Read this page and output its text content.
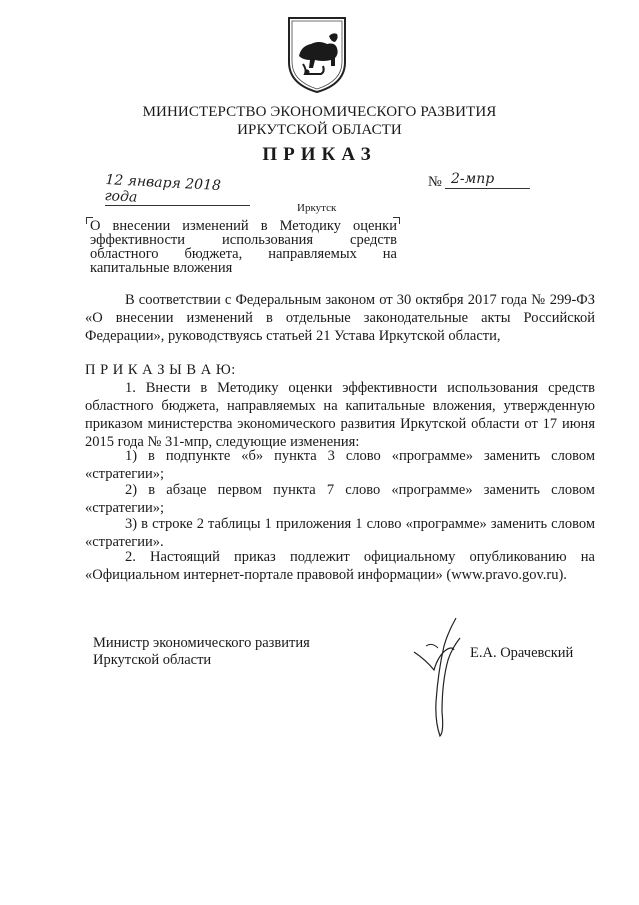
МИНИСТЕРСТВО ЭКОНОМИЧЕСКОГО РАЗВИТИЯ
ИРКУТСКОЙ ОБЛАСТИ
ПРИКАЗ
12 января 2018 года
№ 2-мпр
Иркутск
О внесении изменений в Методику оценки эффективности использования средств областного бюджета, направляемых на капитальные вложения
В соответствии с Федеральным законом от 30 октября 2017 года № 299-ФЗ «О внесении изменений в отдельные законодательные акты Российской Федерации», руководствуясь статьей 21 Устава Иркутской области,
П Р И К А З Ы В А Ю:
1. Внести в Методику оценки эффективности использования средств областного бюджета, направляемых на капитальные вложения, утвержденную приказом министерства экономического развития Иркутской области от 17 июня 2015 года № 31-мпр, следующие изменения:
1) в подпункте «б» пункта 3 слово «программе» заменить словом «стратегии»;
2) в абзаце первом пункта 7 слово «программе» заменить словом «стратегии»;
3) в строке 2 таблицы 1 приложения 1 слово «программе» заменить словом «стратегии».
2. Настоящий приказ подлежит официальному опубликованию на «Официальном интернет-портале правовой информации» (www.pravo.gov.ru).
Министр экономического развития
Иркутской области	Е.А. Орачевский
